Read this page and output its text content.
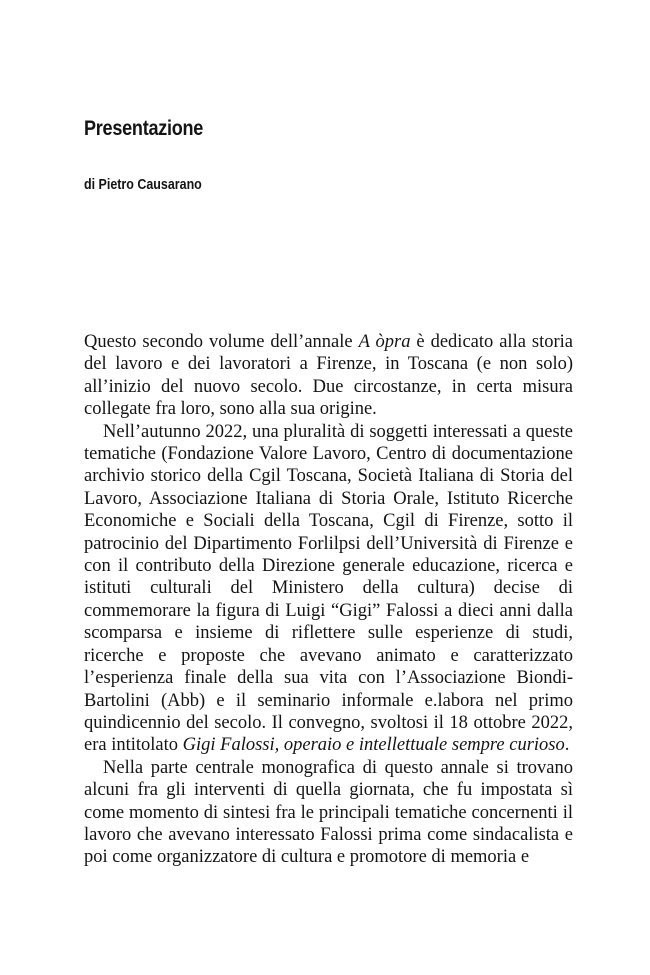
Presentazione
di Pietro Causarano

Questo secondo volume dell’annale A òpra è dedicato alla storia del lavoro e dei lavoratori a Firenze, in Toscana (e non solo) all’inizio del nuovo secolo. Due circostanze, in certa misura collegate fra loro, sono alla sua origine.

Nell’autunno 2022, una pluralità di soggetti interessati a queste tematiche (Fondazione Valore Lavoro, Centro di documentazione archivio storico della Cgil Toscana, Società Italiana di Storia del Lavoro, Associazione Italiana di Storia Orale, Istituto Ricerche Economiche e Sociali della Toscana, Cgil di Firenze, sotto il patrocinio del Dipartimento Forlilpsi dell’Università di Firenze e con il contributo della Direzione generale educazione, ricerca e istituti culturali del Ministero della cultura) decise di commemorare la figura di Luigi “Gigi” Falossi a dieci anni dalla scomparsa e insieme di riflettere sulle esperienze di studi, ricerche e proposte che avevano animato e caratterizzato l’esperienza finale della sua vita con l’Associazione Biondi-Bartolini (Abb) e il seminario informale e.labora nel primo quindicennio del secolo. Il convegno, svoltosi il 18 ottobre 2022, era intitolato Gigi Falossi, operaio e intellettuale sempre curioso.

Nella parte centrale monografica di questo annale si trovano alcuni fra gli interventi di quella giornata, che fu impostata sì come momento di sintesi fra le principali tematiche concernenti il lavoro che avevano interessato Falossi prima come sindacalista e poi come organizzatore di cultura e promotore di memoria e
